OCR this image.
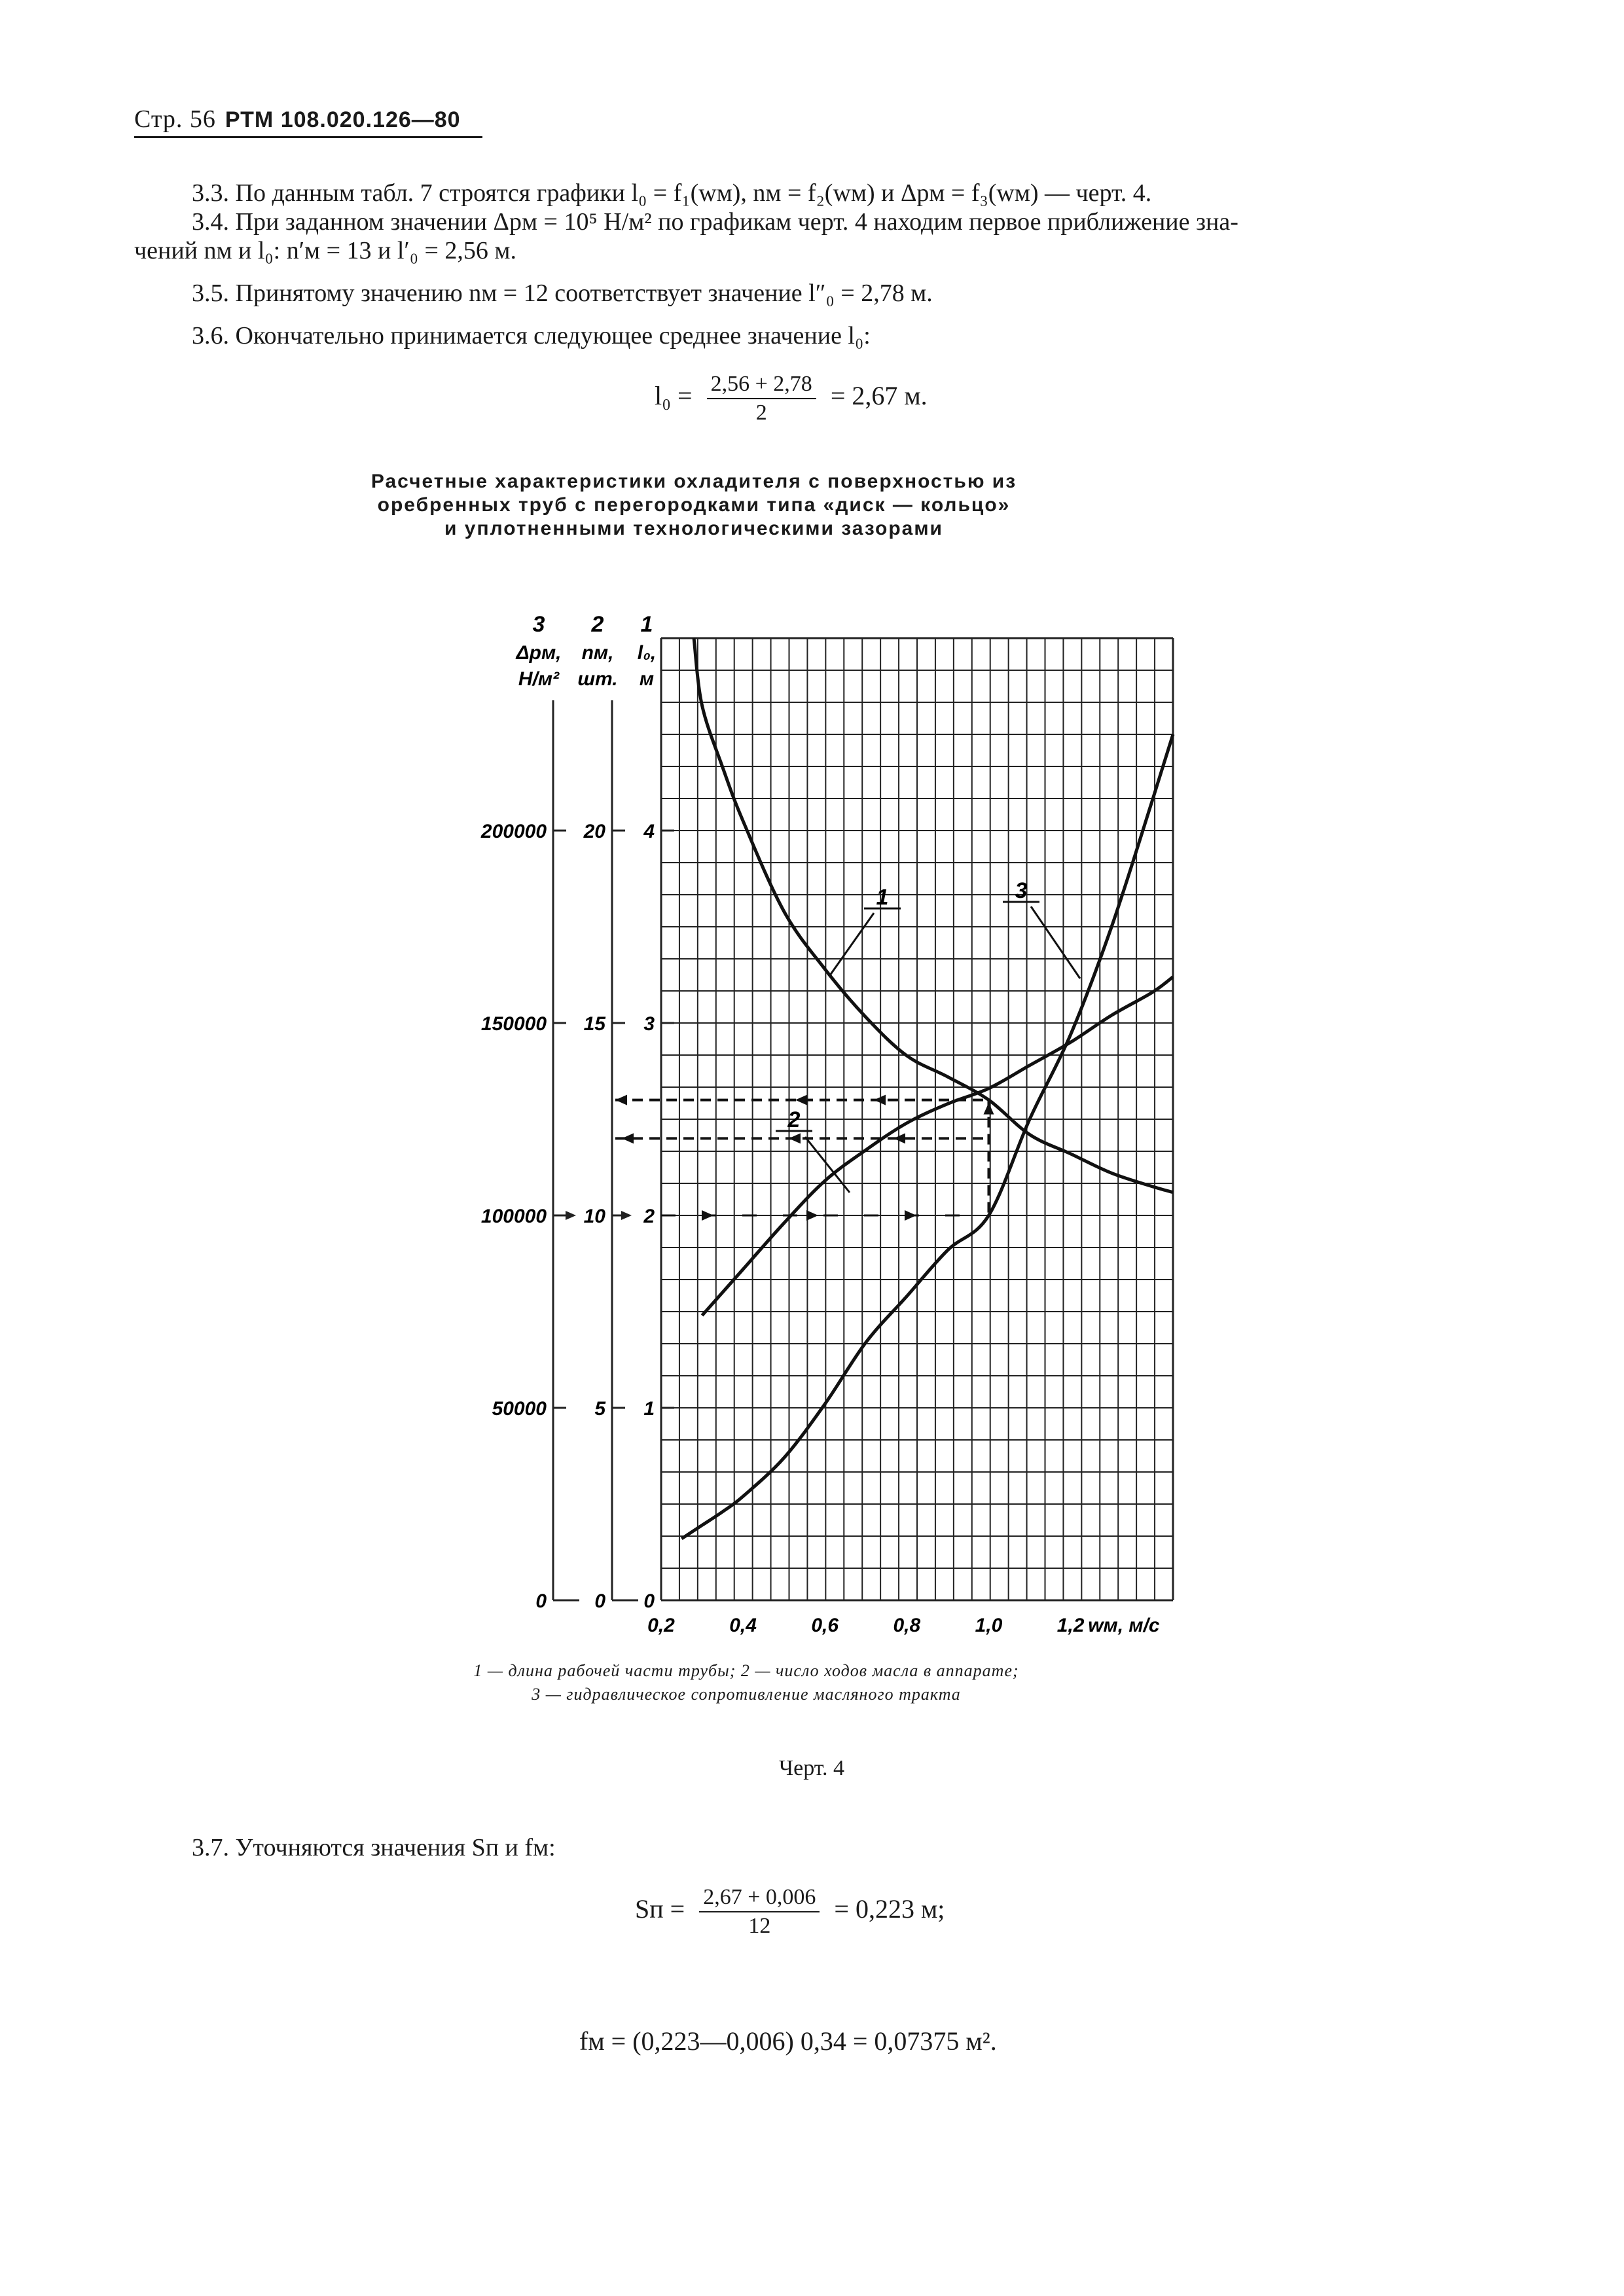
Стр. 56 РТМ 108.020.126—80
3.3. По данным табл. 7 строятся графики l₀ = f₁(wм), nм = f₂(wм) и Δpм = f₃(wм) — черт. 4.
3.4. При заданном значении Δpм = 10⁵ Н/м² по графикам черт. 4 находим первое приближение зна-
чений nм и l₀: n′м = 13 и l′₀ = 2,56 м.
3.5. Принятому значению nм = 12 соответствует значение l″₀ = 2,78 м.
3.6. Окончательно принимается следующее среднее значение l₀:
$l_0 = \frac{2,56 + 2,78}{2} = 2,67$ м.
Расчетные характеристики охладителя с поверхностью из
оребренных труб с перегородками типа «диск — кольцо»
и уплотненными технологическими зазорами
0,2	0,4	0,6	0,8	1,0	1,2 wм, м/с
0
50000
100000
150000
200000
3
Δpм,
Н/м²
0
5
10
15
20
2
nм,
шт.
0
1
2
3
4
1
l₀,
м
1	3
2
1 — длина рабочей части трубы; 2 — число ходов масла в аппарате;
3 — гидравлическое сопротивление масляного тракта
Черт. 4
3.7. Уточняются значения Sп и fм:
Sп = $\frac{2,67 + 0,006}{12} = 0,223$ м;
fм = (0,223—0,006) 0,34 = 0,07375 м².
